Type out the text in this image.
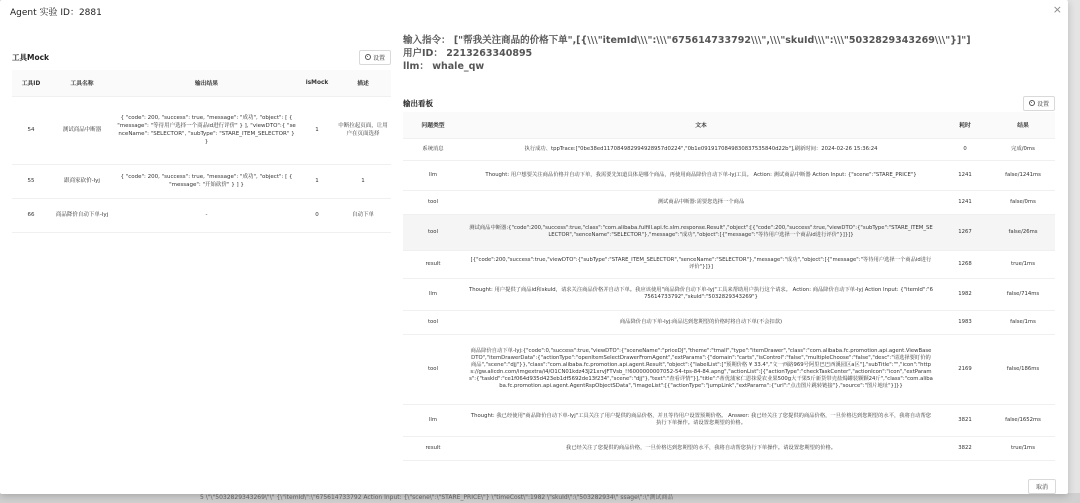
5 \"\"5032829343269\"\" {\"itemId\":\"675614733792 Action Input: {\"scene\":\"STARE_PRICE\"} \"timeCost\":1982 \"skuId\":\"503282934\" ssage\":\"测试商品
Agent 实验 ID：2881	×
工具Mock	设置
工具ID	工具名称	输出结果	isMock	描述
54	测试商品中断器	{ "code": 200, "success": true, "message": "成功", "object": [ { "message": "等待用户选择一个商品id进行评价" } ], "viewDTO":{ "senceName": "SELECTOR", "subType": "STARE_ITEM_SELECTOR" } }	1	中断拉起页面，让用户在页面选择
55	跟商家砍价-lyj	{ "code": 200, "success": true, "message": "成功", "object": [ { "message": "开始砍价" } ] }	1	1
66	商品降价自动下单-lyj	-	0	自动下单
输入指令： ["帮我关注商品的价格下单",[{\\\"itemId\\\":\\\"675614733792\\\",\\\"skuId\\\":\\\"5032829343269\\\"}]"]
用户ID： 2213263340895
llm： whale_qw
输出看板	设置
问题类型	文本	耗时	结果
系统消息	执行成功、tppTrace:["0be38ed117084982994928957d0224","0b1e0919170849830837535840d22b"],刷新时间：2024-02-26 15:36:24	0	完成/0ms
llm	Thought: 用户想要关注商品价格并自动下单，我需要先知道具体是哪个商品，再使用商品降价自动下单-lyj工具。 Action: 测试商品中断器 Action Input: {"scene":"STARE_PRICE"}	1241	false/1241ms
tool	测试商品中断器:需要您选择一个商品	1241	false/0ms
tool	测试商品中断器:{"code":200,"success":true,"class":"com.alibaba.fulfill.api.fc.slm.response.Result","object":[{"code":200,"success":true,"viewDTO":{"subType":"STARE_ITEM_SELECTOR","senceName":"SELECTOR"},"message":"成功","object":[{"message":"等待用户选择一个商品id进行评价"}]}]}	1267	false/26ms
result	[{"code":200,"success":true,"viewDTO":{"subType":"STARE_ITEM_SELECTOR","senceName":"SELECTOR"},"message":"成功","object":[{"message":"等待用户选择一个商品id进行评价"}]}]	1268	true/1ms
llm	Thought: 用户提供了商品id和skuId，请求关注商品价格并自动下单。我应该使用"商品降价自动下单-lyj"工具来帮助用户执行这个请求。 Action: 商品降价自动下单-lyj Action Input: {"itemId":"675614733792","skuId":"5032829343269"}	1982	false/714ms
tool	商品降价自动下单-lyj:商品达到您期望的价格时将自动下单(不会扣款)	1983	false/1ms
tool	商品降价自动下单-lyj:{"code":0,"success":true,"viewDTO":{"sceneName":"priceDJ","theme":"tmall","type":"itemDrawer","class":"com.alibaba.fc.promotion.api.agent.ViewBaseDTO","itemDrawerData":{"actionType":"openItemSelectDrawerFromAgent","extParams":{"domain":"carts","isControl":"false","multipleChoose":"false","desc":"请选择要盯价的商品","scene":"djj"}},"class":"com.alibaba.fc.promotion.api.agent.Result","object":{"labelList":["预期价格 ¥ 33.4","文一西路969号阿里巴巴西溪园区a区"],"subTitle":"","icon":"https://gw.alicdn.com/imgextra/i4/O1CN01kdz43J21xrvJFTVsb_!!6000000007052-54-tps-84-84.apng","actionList":[{"actionType":"checkTaskCenter","actionIcon":"icon","extParams":{"taskId":"ce1f064d935d423eb1df5692de13f234","scene":"djj"},"text":"查看详情"}],"title":"蒂优蒲家仁恩抹爱农业果500g大干果5斤新货带壳盐焗罐装颗颗24斤","class":"com.alibaba.fc.promotion.api.agent.AgentRspObjectSData","imageList":[{"actionType":"jumpLink","extParams":{"url":"点击图片跳转链接"},"source":"图片地址"}]}}	2169	false/186ms
llm	Thought: 我已经使用"商品降价自动下单-lyj"工具关注了用户提供的商品价格，并且等待用户设置预期价格。 Answer: 我已经关注了您提供的商品价格，一旦价格达到您期望的水平，我将自动帮您执行下单操作。请设置您期望的价格。	3821	false/1652ms
result	我已经关注了您提供的商品价格，一旦价格达到您期望的水平，我将自动帮您执行下单操作。请设置您期望的价格。	3822	true/1ms
取消
